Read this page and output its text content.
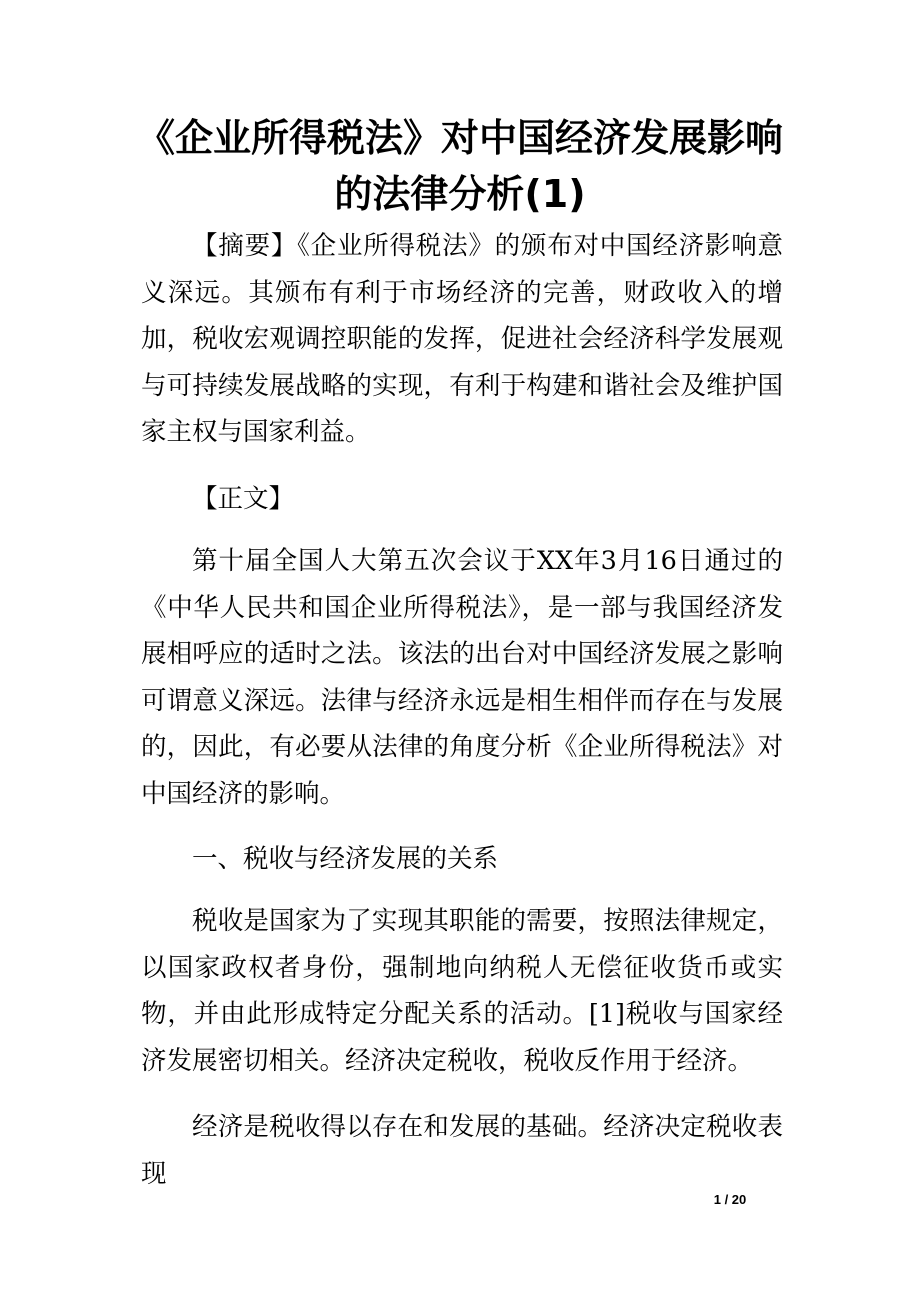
《企业所得税法》对中国经济发展影响的法律分析(1)

【摘要】《企业所得税法》的颁布对中国经济影响意义深远。其颁布有利于市场经济的完善，财政收入的增加，税收宏观调控职能的发挥，促进社会经济科学发展观与可持续发展战略的实现，有利于构建和谐社会及维护国家主权与国家利益。

【正文】

第十届全国人大第五次会议于XX年3月16日通过的《中华人民共和国企业所得税法》，是一部与我国经济发展相呼应的适时之法。该法的出台对中国经济发展之影响可谓意义深远。法律与经济永远是相生相伴而存在与发展的，因此，有必要从法律的角度分析《企业所得税法》对中国经济的影响。

一、税收与经济发展的关系

税收是国家为了实现其职能的需要，按照法律规定，以国家政权者身份，强制地向纳税人无偿征收货币或实物，并由此形成特定分配关系的活动。[1]税收与国家经济发展密切相关。经济决定税收，税收反作用于经济。

经济是税收得以存在和发展的基础。经济决定税收表现

1 / 20
